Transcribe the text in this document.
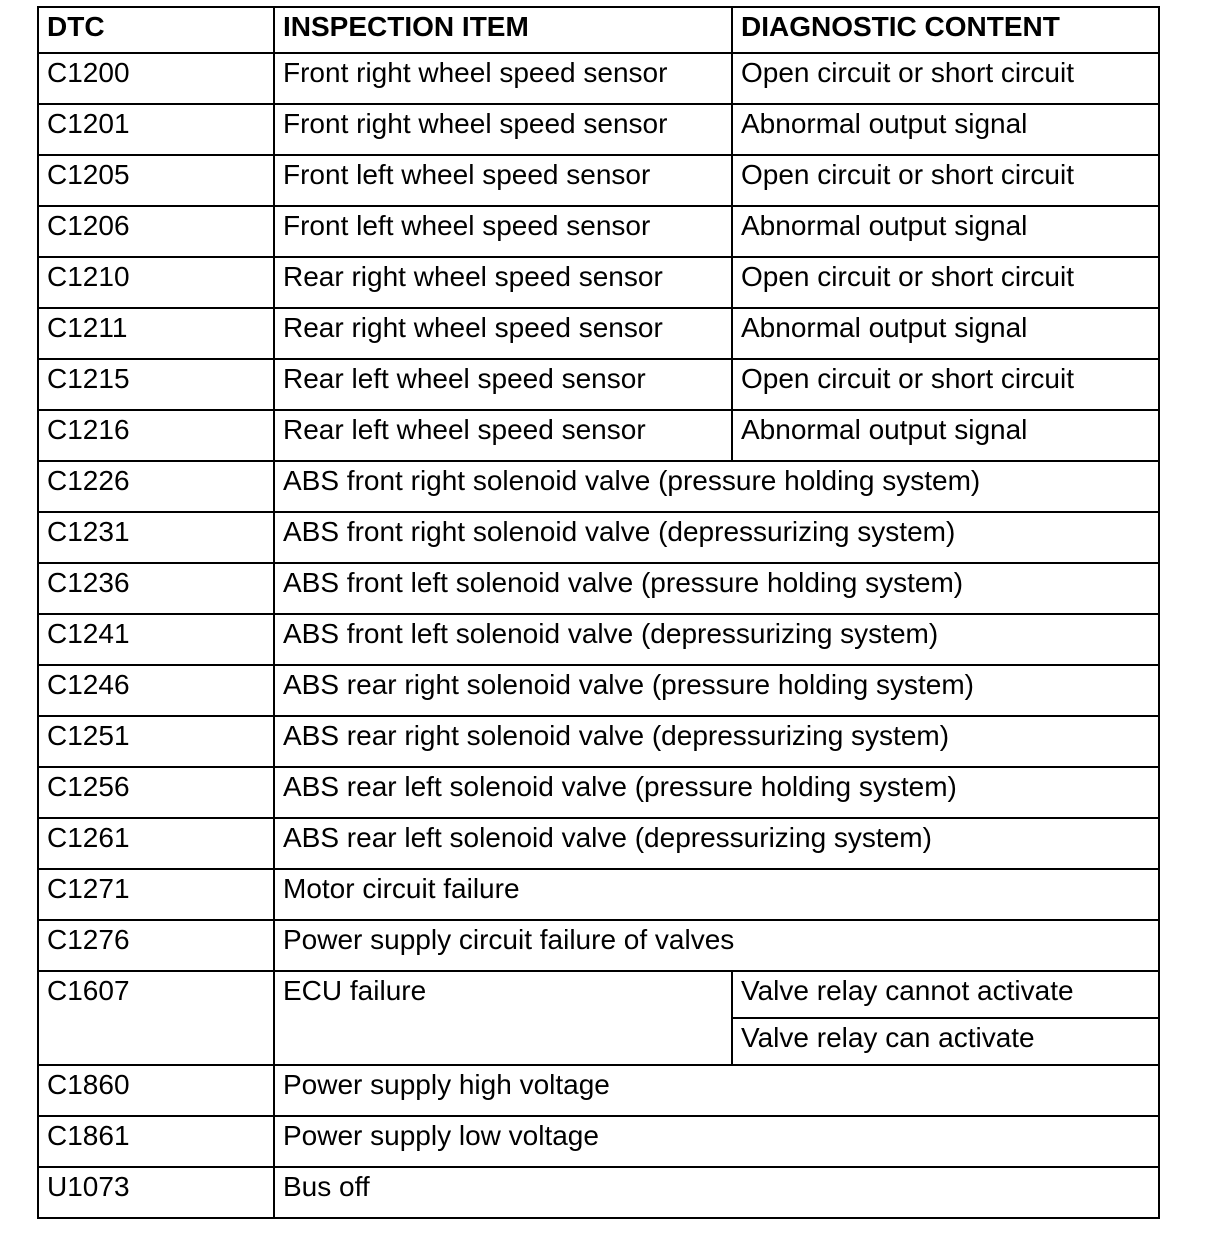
DTC	INSPECTION ITEM	DIAGNOSTIC CONTENT
C1200	Front right wheel speed sensor	Open circuit or short circuit
C1201	Front right wheel speed sensor	Abnormal output signal
C1205	Front left wheel speed sensor	Open circuit or short circuit
C1206	Front left wheel speed sensor	Abnormal output signal
C1210	Rear right wheel speed sensor	Open circuit or short circuit
C1211	Rear right wheel speed sensor	Abnormal output signal
C1215	Rear left wheel speed sensor	Open circuit or short circuit
C1216	Rear left wheel speed sensor	Abnormal output signal
C1226	ABS front right solenoid valve (pressure holding system)	
C1231	ABS front right solenoid valve (depressurizing system)	
C1236	ABS front left solenoid valve (pressure holding system)	
C1241	ABS front left solenoid valve (depressurizing system)	
C1246	ABS rear right solenoid valve (pressure holding system)	
C1251	ABS rear right solenoid valve (depressurizing system)	
C1256	ABS rear left solenoid valve (pressure holding system)	
C1261	ABS rear left solenoid valve (depressurizing system)	
C1271	Motor circuit failure	
C1276	Power supply circuit failure of valves	
C1607	ECU failure	Valve relay cannot activate
		Valve relay can activate
C1860	Power supply high voltage	
C1861	Power supply low voltage	
U1073	Bus off	
